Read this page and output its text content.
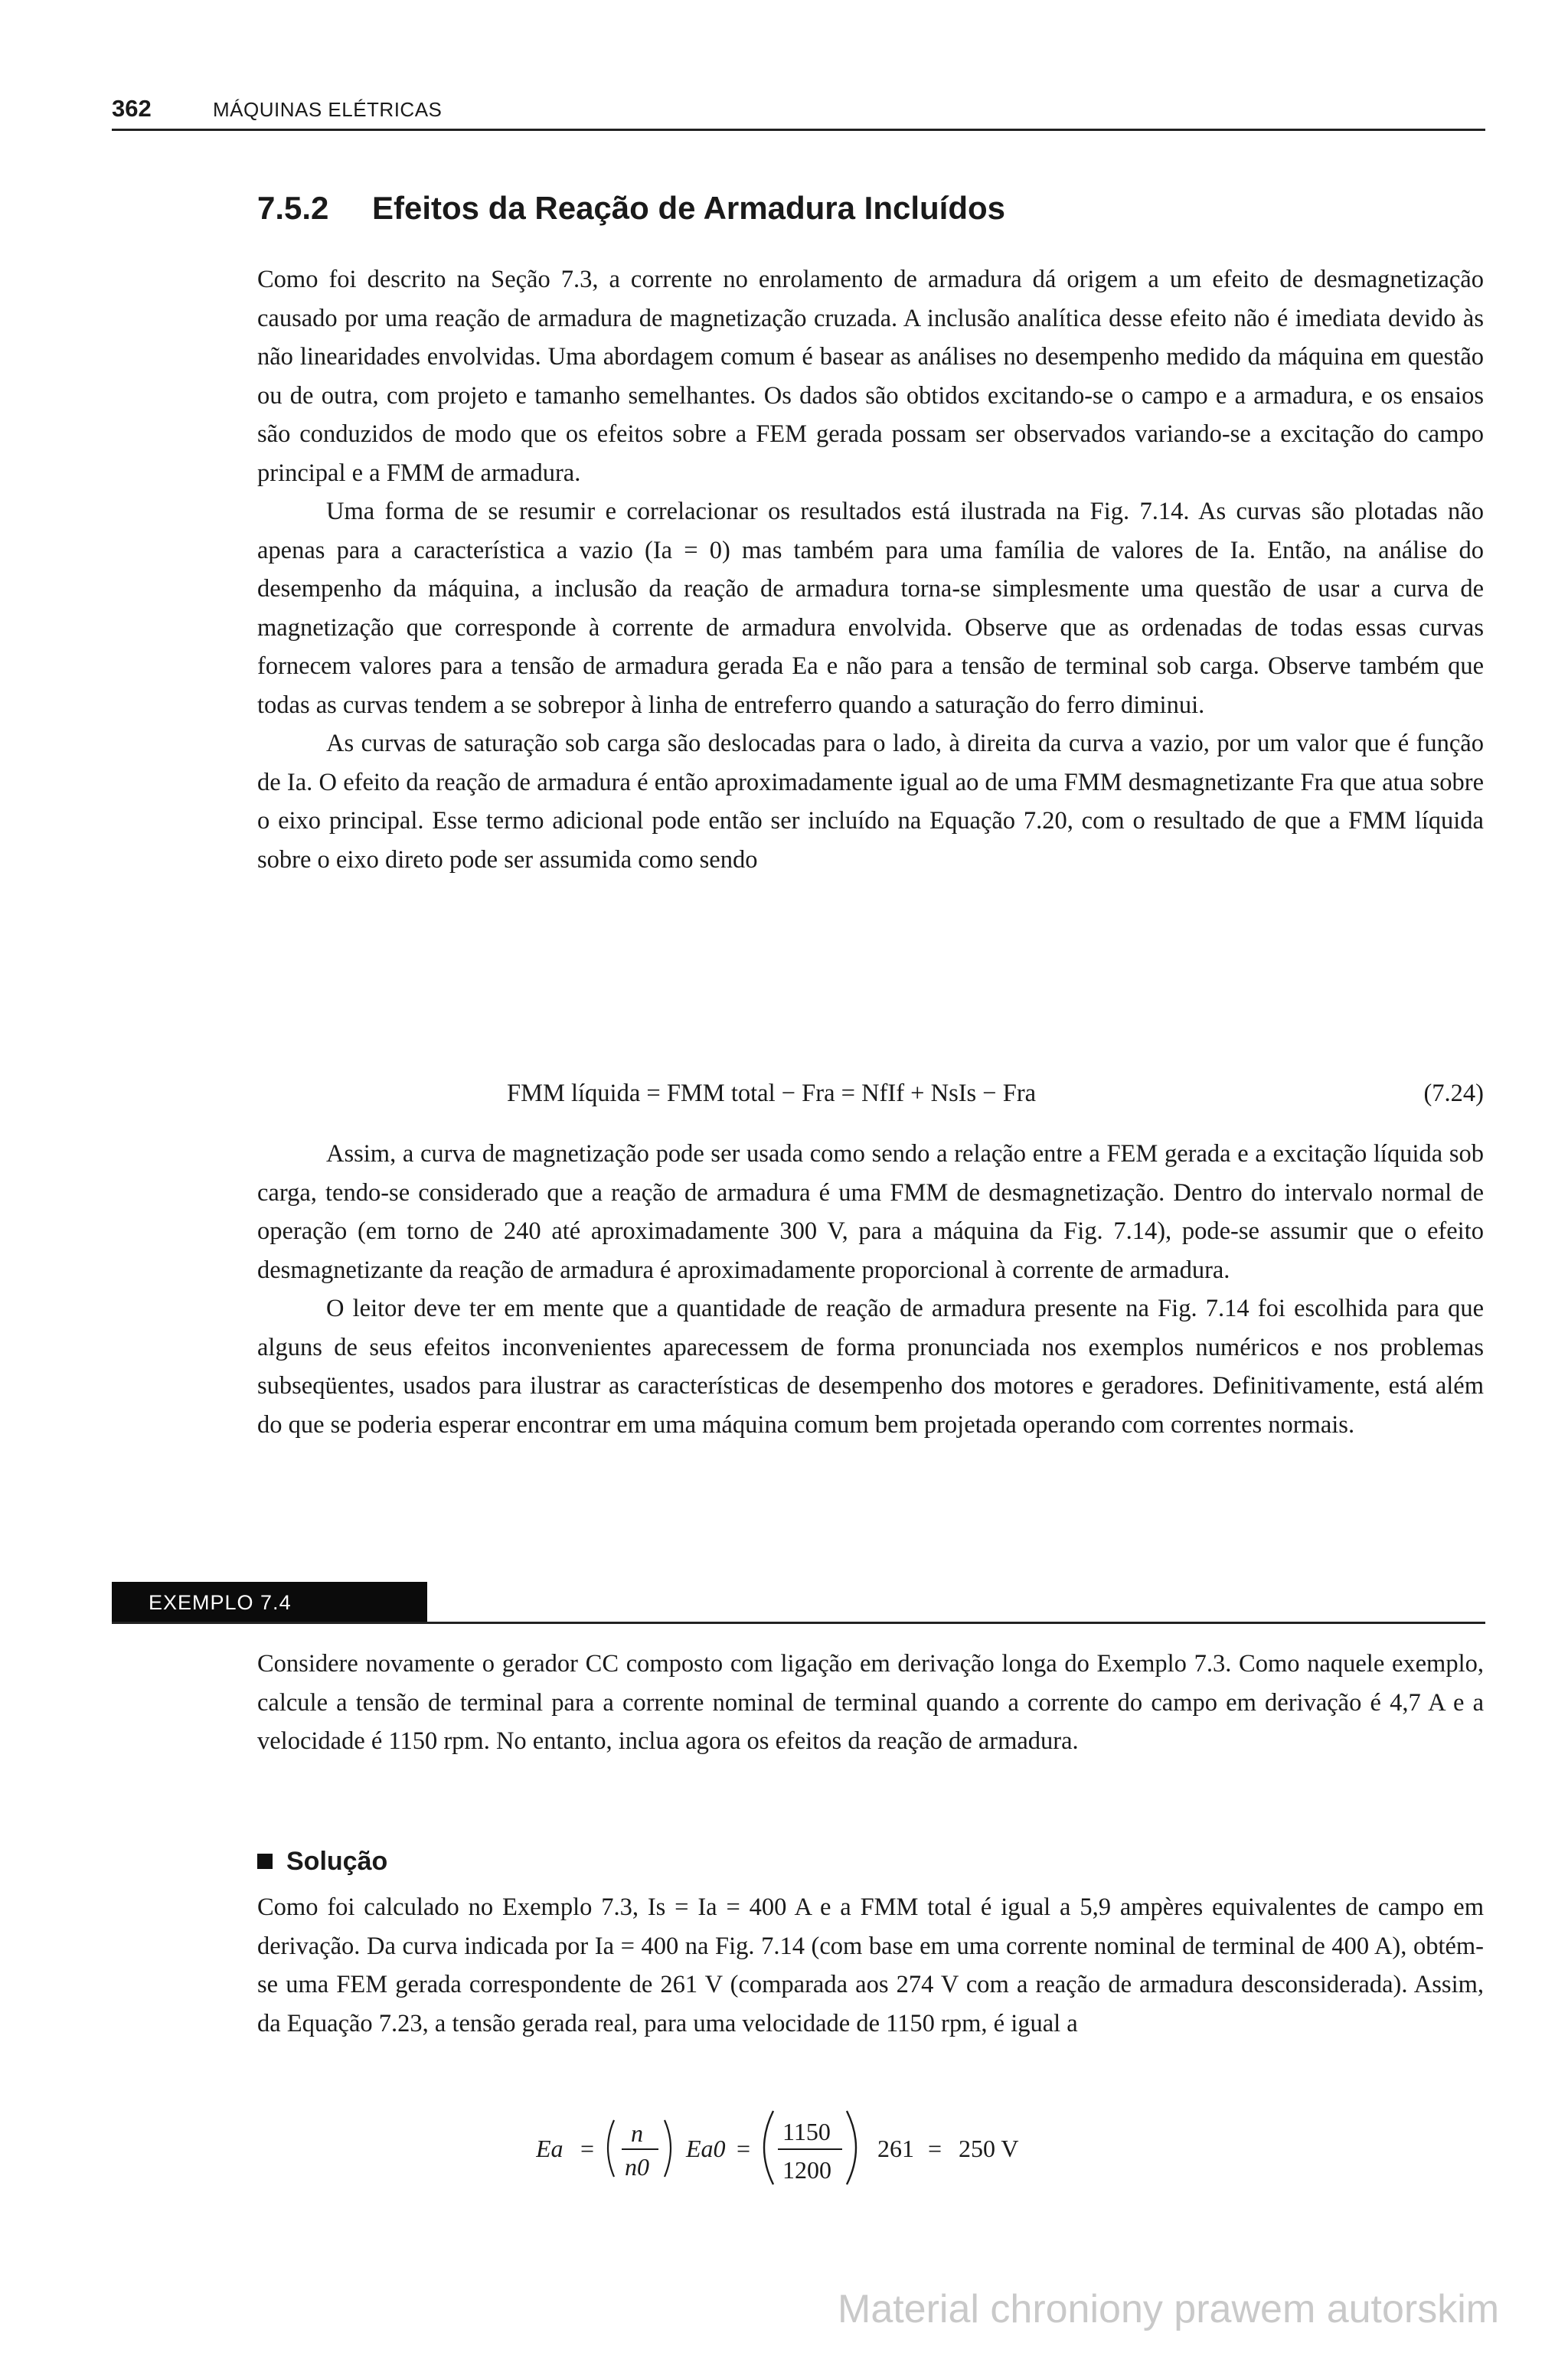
362	MÁQUINAS ELÉTRICAS
7.5.2 Efeitos da Reação de Armadura Incluídos

Como foi descrito na Seção 7.3, a corrente no enrolamento de armadura dá origem a um efeito de desmagnetização causado por uma reação de armadura de magnetização cruzada. A inclusão analítica desse efeito não é imediata devido às não linearidades envolvidas. Uma abordagem comum é basear as análises no desempenho medido da máquina em questão ou de outra, com projeto e tamanho semelhantes. Os dados são obtidos excitando-se o campo e a armadura, e os ensaios são conduzidos de modo que os efeitos sobre a FEM gerada possam ser observados variando-se a excitação do campo principal e a FMM de armadura.

Uma forma de se resumir e correlacionar os resultados está ilustrada na Fig. 7.14. As curvas são plotadas não apenas para a característica a vazio (Ia = 0) mas também para uma família de valores de Ia. Então, na análise do desempenho da máquina, a inclusão da reação de armadura torna-se simplesmente uma questão de usar a curva de magnetização que corresponde à corrente de armadura envolvida. Observe que as ordenadas de todas essas curvas fornecem valores para a tensão de armadura gerada Ea e não para a tensão de terminal sob carga. Observe também que todas as curvas tendem a se sobrepor à linha de entreferro quando a saturação do ferro diminui.

As curvas de saturação sob carga são deslocadas para o lado, à direita da curva a vazio, por um valor que é função de Ia. O efeito da reação de armadura é então aproximadamente igual ao de uma FMM desmagnetizante Fra que atua sobre o eixo principal. Esse termo adicional pode então ser incluído na Equação 7.20, com o resultado de que a FMM líquida sobre o eixo direto pode ser assumida como sendo

FMM líquida = FMM total − Fra = NfIf + NsIs − Fra	(7.24)

Assim, a curva de magnetização pode ser usada como sendo a relação entre a FEM gerada e a excitação líquida sob carga, tendo-se considerado que a reação de armadura é uma FMM de desmagnetização. Dentro do intervalo normal de operação (em torno de 240 até aproximadamente 300 V, para a máquina da Fig. 7.14), pode-se assumir que o efeito desmagnetizante da reação de armadura é aproximadamente proporcional à corrente de armadura.

O leitor deve ter em mente que a quantidade de reação de armadura presente na Fig. 7.14 foi escolhida para que alguns de seus efeitos inconvenientes aparecessem de forma pronunciada nos exemplos numéricos e nos problemas subseqüentes, usados para ilustrar as características de desempenho dos motores e geradores. Definitivamente, está além do que se poderia esperar encontrar em uma máquina comum bem projetada operando com correntes normais.

EXEMPLO 7.4

Considere novamente o gerador CC composto com ligação em derivação longa do Exemplo 7.3. Como naquele exemplo, calcule a tensão de terminal para a corrente nominal de terminal quando a corrente do campo em derivação é 4,7 A e a velocidade é 1150 rpm. No entanto, inclua agora os efeitos da reação de armadura.

Solução

Como foi calculado no Exemplo 7.3, Is = Ia = 400 A e a FMM total é igual a 5,9 ampères equivalentes de campo em derivação. Da curva indicada por Ia = 400 na Fig. 7.14 (com base em uma corrente nominal de terminal de 400 A), obtém-se uma FEM gerada correspondente de 261 V (comparada aos 274 V com a reação de armadura desconsiderada). Assim, da Equação 7.23, a tensão gerada real, para uma velocidade de 1150 rpm, é igual a

Ea =
n
n0
Ea0 =
1150
1200
261 = 250 V
Material chroniony prawem autorskim
